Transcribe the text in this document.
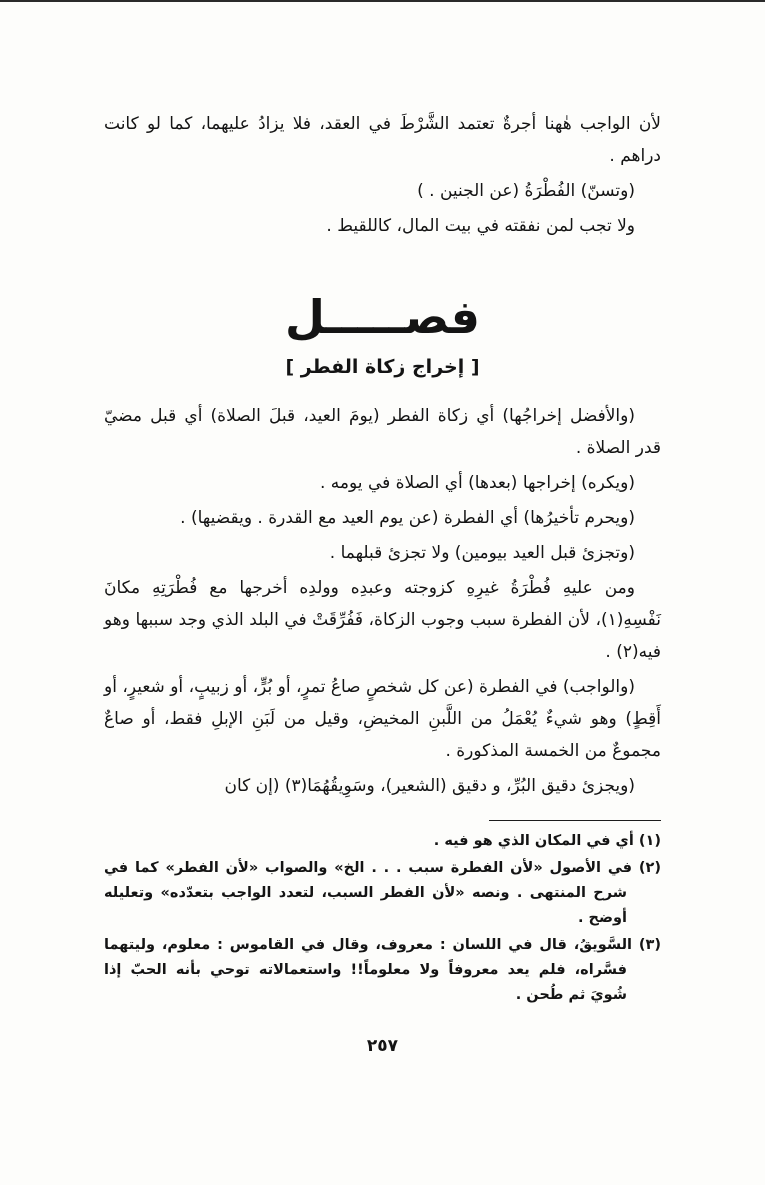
لأن الواجب هٰهنا أجرةٌ تعتمد الشَّرْطَ في العقد، فلا يزادُ عليهما، كما لو كانت دراهم .

(وتسنّ) الفُطْرَةُ (عن الجنين . )

ولا تجب لمن نفقته في بيت المال، كاللقيط .

فصـــــل
[ إخراج زكاة الفطر ]

(والأفضل إخراجُها) أي زكاة الفطر (يومَ العيد، قبلَ الصلاة) أي قبل مضيّ قدر الصلاة .

(ويكره) إخراجها (بعدها) أي الصلاة في يومه .

(ويحرم تأخيرُها) أي الفطرة (عن يوم العيد مع القدرة . ويقضيها) .

(وتجزئ قبل العيد بيومين) ولا تجزئ قبلهما .

ومن عليهِ فُطْرَةُ غيرِهِ كزوجته وعبدِه وولدِه أخرجها مع فُطْرَتِهِ مكانَ نَفْسِهِ(١)، لأن الفطرة سبب وجوب الزكاة، فَفُرِّقَتْ في البلد الذي وجد سببها وهو فيه(٢) .

(والواجب) في الفطرة (عن كل شخصٍ صاعُ تمرٍ، أو بُرٍّ، أو زبيبٍ، أو شعيرٍ، أو أَقِطٍ) وهو شيءٌ يُعْمَلُ من اللَّبنِ المخيضِ، وقيل من لَبَنِ الإبلِ فقط، أو صاعٌ مجموعٌ من الخمسة المذكورة .

(ويجزئ دقيق البُرِّ، و دقيق (الشعير)، وسَوِيقُهُمَا(٣) (إن كان

(١) أي في المكان الذي هو فيه .

(٢) في الأصول «لأن الفطرة سبب . . . الخ» والصواب «لأن الفطر» كما في شرح المنتهى . ونصه «لأن الفطر السبب، لتعدد الواجب بتعدّده» وتعليله أوضح .

(٣) السَّويقُ، قال في اللسان : معروف، وقال في القاموس : معلوم، وليتهما فسَّراه، فلم يعد معروفاً ولا معلوماً!! واستعمالاته توحي بأنه الحبّ إذا شُويَ ثم طُحن .

٢٥٧
